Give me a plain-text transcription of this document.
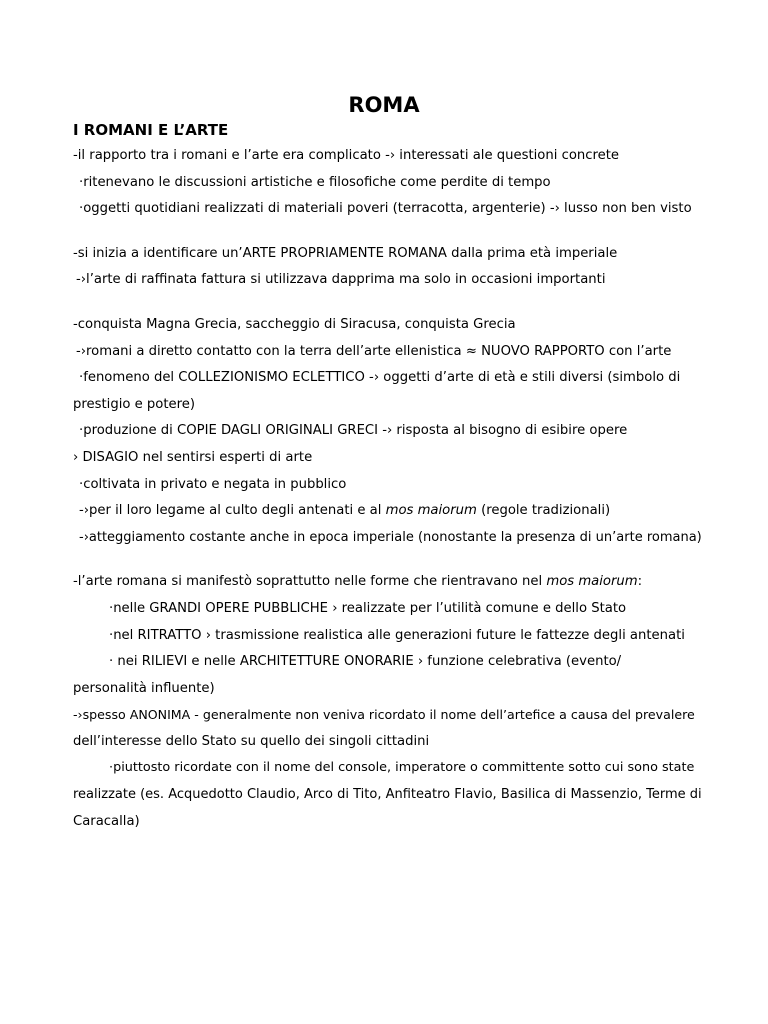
ROMA
I ROMANI E L’ARTE
-il rapporto tra i romani e l’arte era complicato -› interessati ale questioni concrete
·ritenevano le discussioni artistiche e filosofiche come perdite di tempo
·oggetti quotidiani realizzati di materiali poveri (terracotta, argenterie) -› lusso non ben visto
-si inizia a identificare un’ARTE PROPRIAMENTE ROMANA dalla prima età imperiale
-›l’arte di raffinata fattura si utilizzava dapprima ma solo in occasioni importanti
-conquista Magna Grecia, saccheggio di Siracusa, conquista Grecia
-›romani a diretto contatto con la terra dell’arte ellenistica ≈ NUOVO RAPPORTO con l’arte
·fenomeno del COLLEZIONISMO ECLETTICO -› oggetti d’arte di età e stili diversi (simbolo di
prestigio e potere)
·produzione di COPIE DAGLI ORIGINALI GRECI -› risposta al bisogno di esibire opere
› DISAGIO nel sentirsi esperti di arte
·coltivata in privato e negata in pubblico
-›per il loro legame al culto degli antenati e al mos maiorum (regole tradizionali)
-›atteggiamento costante anche in epoca imperiale (nonostante la presenza di un’arte romana)
-l’arte romana si manifestò soprattutto nelle forme che rientravano nel mos maiorum:
·nelle GRANDI OPERE PUBBLICHE › realizzate per l’utilità comune e dello Stato
·nel RITRATTO › trasmissione realistica alle generazioni future le fattezze degli antenati
· nei RILIEVI e nelle ARCHITETTURE ONORARIE › funzione celebrativa (evento/
personalità influente)
-›spesso ANONIMA - generalmente non veniva ricordato il nome dell’artefice a causa del prevalere
dell’interesse dello Stato su quello dei singoli cittadini
·piuttosto ricordate con il nome del console, imperatore o committente sotto cui sono state
realizzate (es. Acquedotto Claudio, Arco di Tito, Anfiteatro Flavio, Basilica di Massenzio, Terme di
Caracalla)
